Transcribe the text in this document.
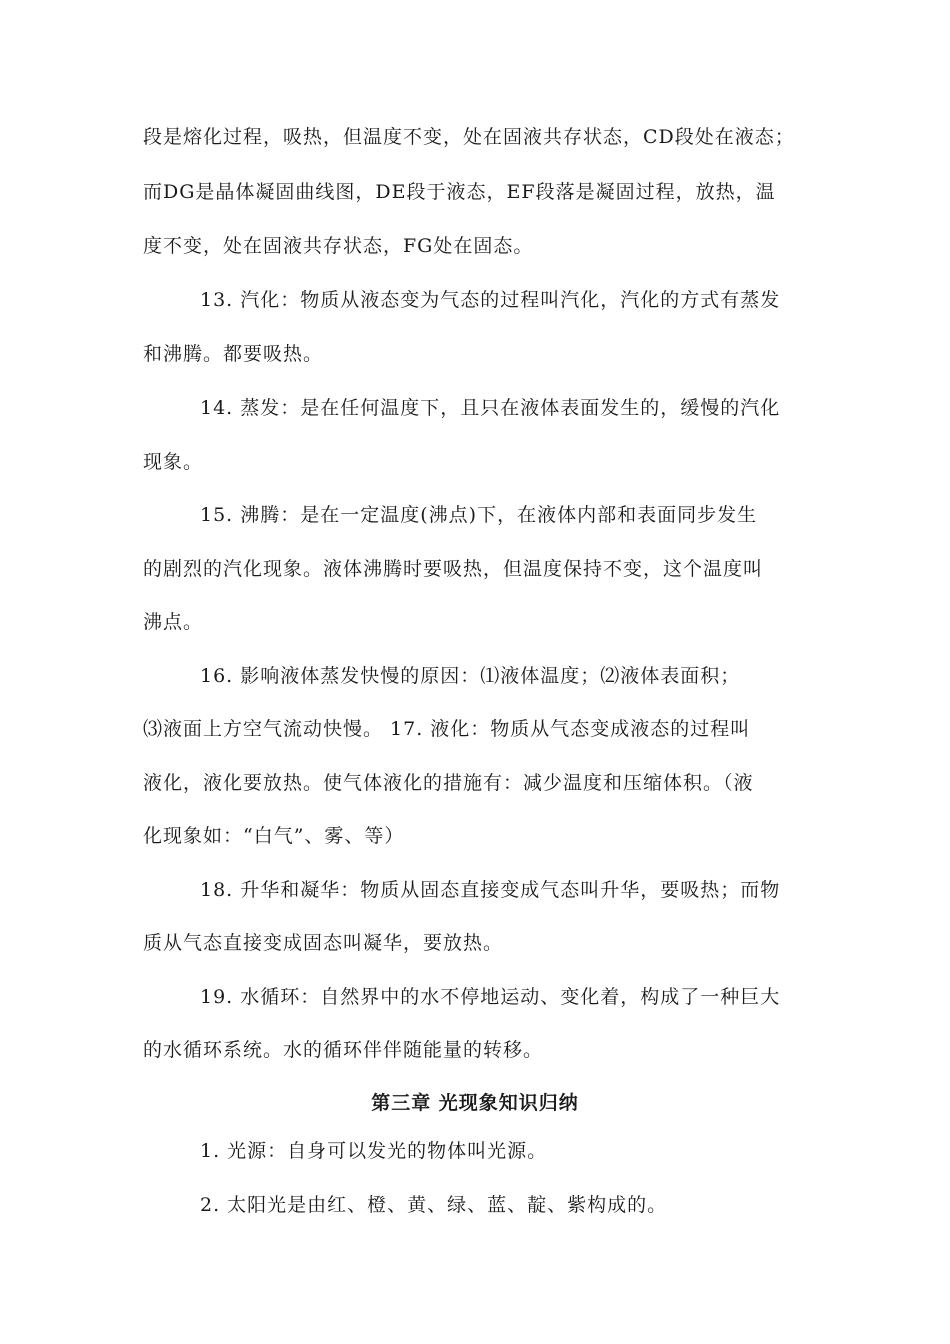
段是熔化过程，吸热，但温度不变，处在固液共存状态，CD段处在液态；
而DG是晶体凝固曲线图，DE段于液态，EF段落是凝固过程，放热，温
度不变，处在固液共存状态，FG处在固态。
13. 汽化：物质从液态变为气态的过程叫汽化，汽化的方式有蒸发
和沸腾。都要吸热。
14. 蒸发：是在任何温度下，且只在液体表面发生的，缓慢的汽化
现象。
15. 沸腾：是在一定温度(沸点)下，在液体内部和表面同步发生
的剧烈的汽化现象。液体沸腾时要吸热，但温度保持不变，这个温度叫
沸点。
16. 影响液体蒸发快慢的原因：⑴液体温度；⑵液体表面积；
⑶液面上方空气流动快慢。 17. 液化：物质从气态变成液态的过程叫
液化，液化要放热。使气体液化的措施有：减少温度和压缩体积。（液
化现象如：“白气”、雾、等）
18. 升华和凝华：物质从固态直接变成气态叫升华，要吸热；而物
质从气态直接变成固态叫凝华，要放热。
19. 水循环：自然界中的水不停地运动、变化着，构成了一种巨大
的水循环系统。水的循环伴伴随能量的转移。
第三章 光现象知识归纳
1. 光源：自身可以发光的物体叫光源。
2. 太阳光是由红、橙、黄、绿、蓝、靛、紫构成的。
